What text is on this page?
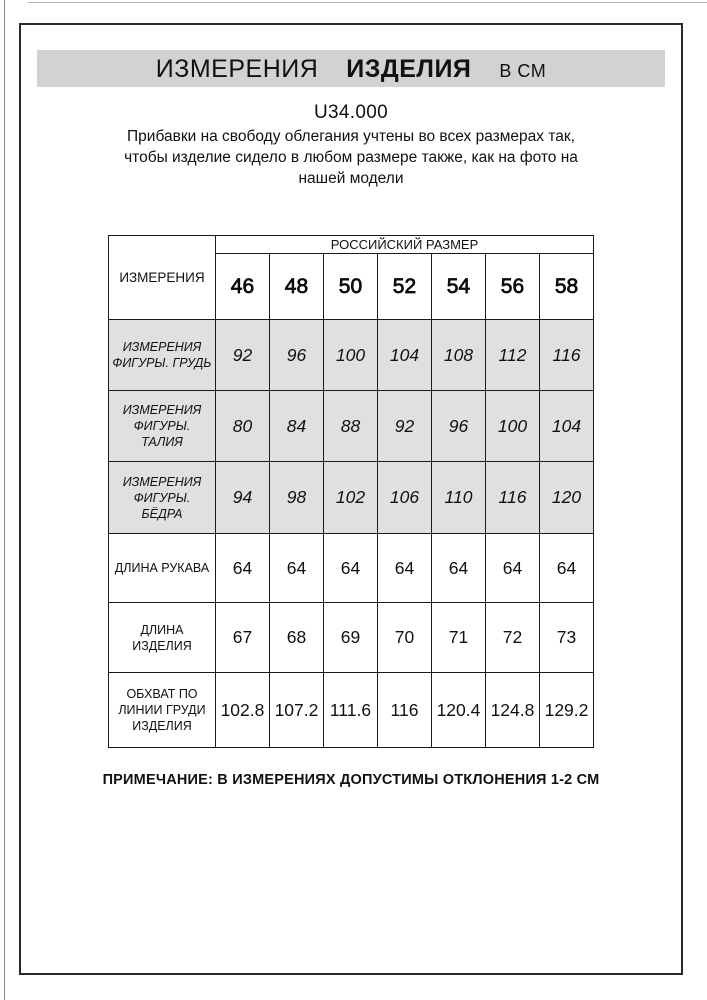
ИЗМЕРЕНИЯ ИЗДЕЛИЯ В СМ
U34.000
Прибавки на свободу облегания учтены во всех размерах так,
чтобы изделие сидело в любом размере также, как на фото на
нашей модели
ИЗМЕРЕНИЯ	РОССИЙСКИЙ РАЗМЕР						
	46	48	50	52	54	56	58
ИЗМЕРЕНИЯ ФИГУРЫ. ГРУДЬ	92	96	100	104	108	112	116
ИЗМЕРЕНИЯ ФИГУРЫ. ТАЛИЯ	80	84	88	92	96	100	104
ИЗМЕРЕНИЯ ФИГУРЫ. БЁДРА	94	98	102	106	110	116	120
ДЛИНА РУКАВА	64	64	64	64	64	64	64
ДЛИНА ИЗДЕЛИЯ	67	68	69	70	71	72	73
ОБХВАТ ПО ЛИНИИ ГРУДИ ИЗДЕЛИЯ	102.8	107.2	111.6	116	120.4	124.8	129.2
ПРИМЕЧАНИЕ: В ИЗМЕРЕНИЯХ ДОПУСТИМЫ ОТКЛОНЕНИЯ 1-2 СМ
